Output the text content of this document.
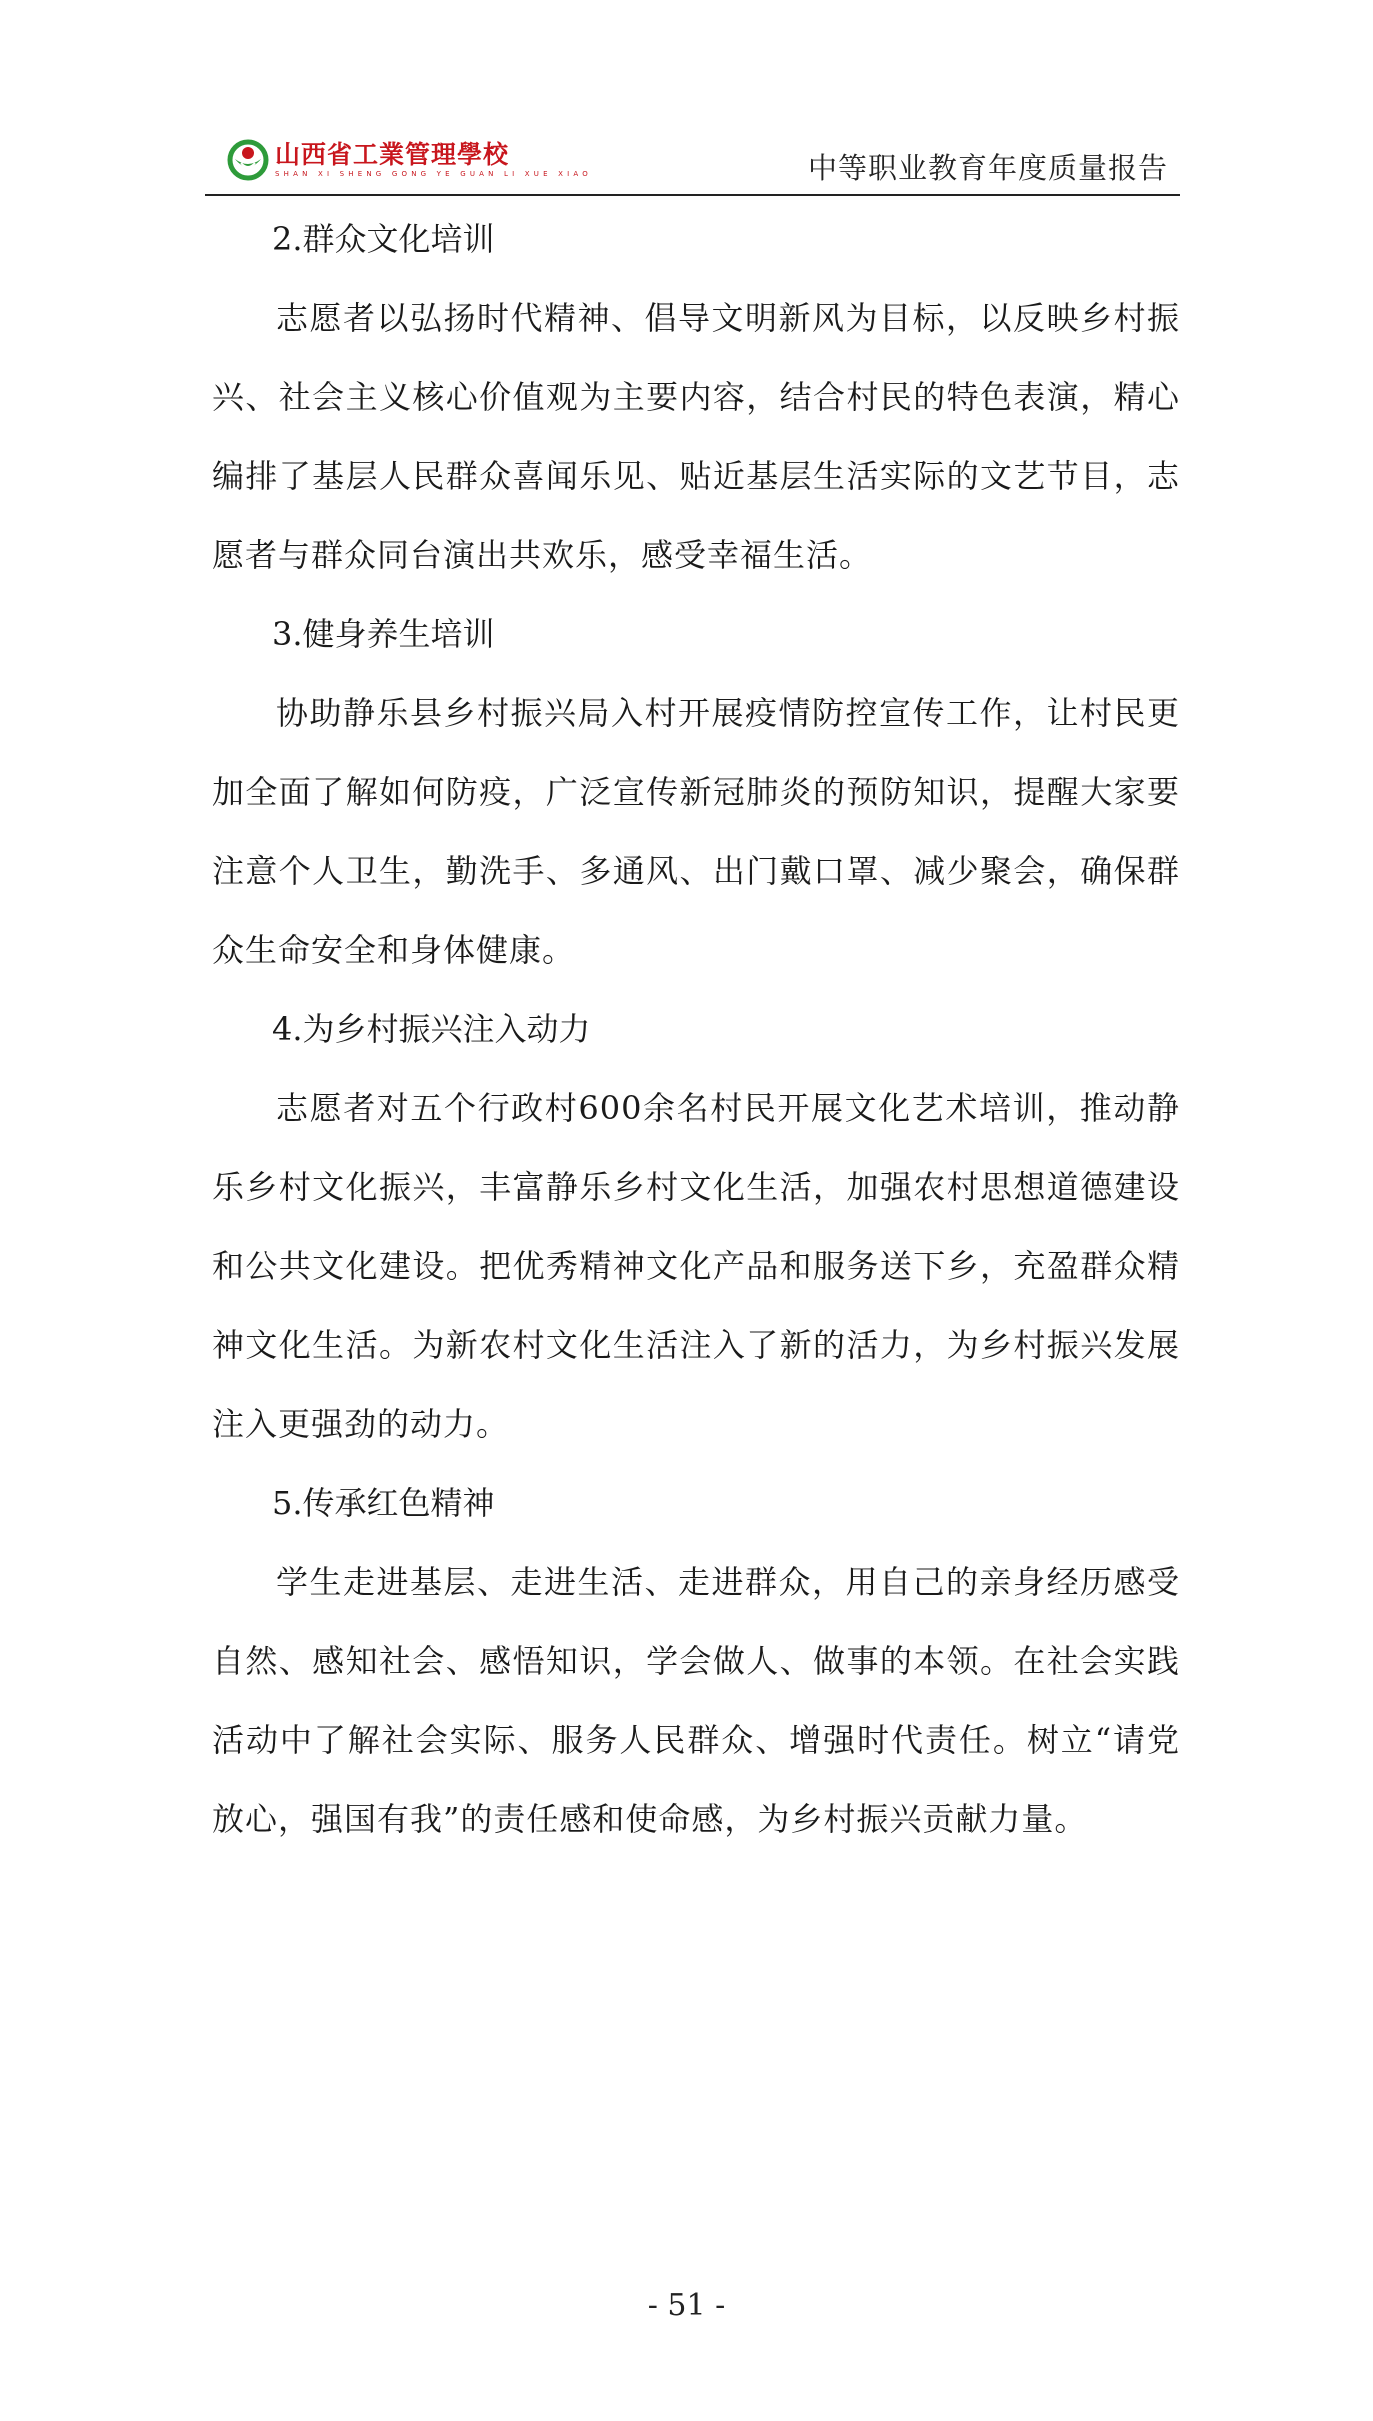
山西省工業管理學校
SHAN XI SHENG GONG YE GUAN LI XUE XIAO	中等职业教育年度质量报告

2.群众文化培训

志愿者以弘扬时代精神、倡导文明新风为目标，以反映乡村振兴、社会主义核心价值观为主要内容，结合村民的特色表演，精心编排了基层人民群众喜闻乐见、贴近基层生活实际的文艺节目，志愿者与群众同台演出共欢乐，感受幸福生活。

3.健身养生培训

协助静乐县乡村振兴局入村开展疫情防控宣传工作，让村民更加全面了解如何防疫，广泛宣传新冠肺炎的预防知识，提醒大家要注意个人卫生，勤洗手、多通风、出门戴口罩、减少聚会，确保群众生命安全和身体健康。

4.为乡村振兴注入动力

志愿者对五个行政村600余名村民开展文化艺术培训，推动静乐乡村文化振兴，丰富静乐乡村文化生活，加强农村思想道德建设和公共文化建设。把优秀精神文化产品和服务送下乡，充盈群众精神文化生活。为新农村文化生活注入了新的活力，为乡村振兴发展注入更强劲的动力。

5.传承红色精神

学生走进基层、走进生活、走进群众，用自己的亲身经历感受自然、感知社会、感悟知识，学会做人、做事的本领。在社会实践活动中了解社会实际、服务人民群众、增强时代责任。树立“请党放心，强国有我”的责任感和使命感，为乡村振兴贡献力量。

- 51 -
